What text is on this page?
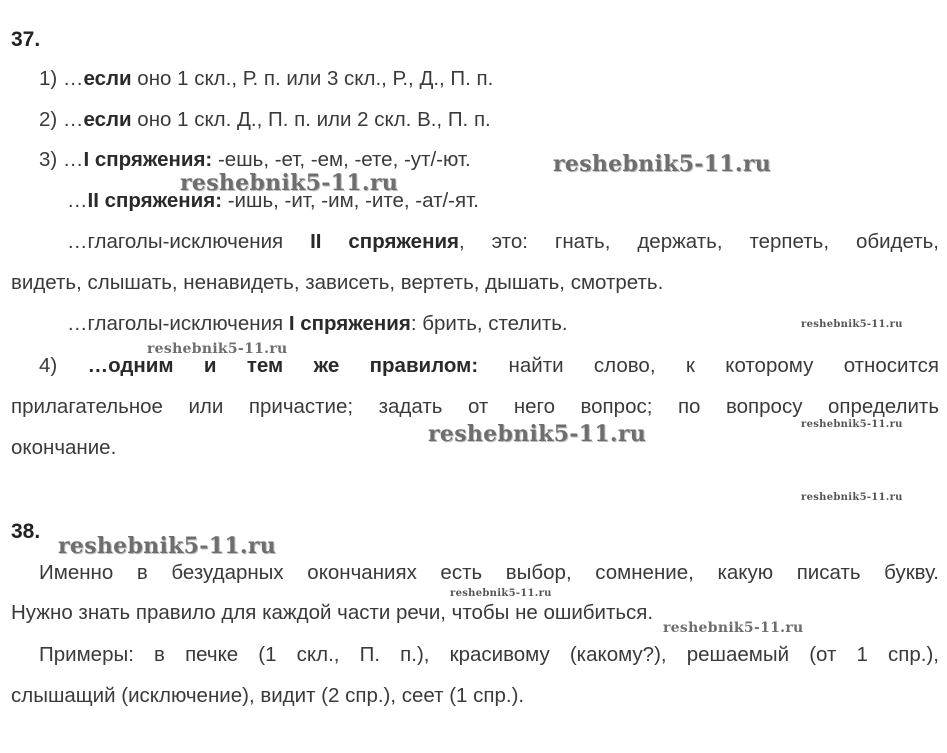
37.
1) …если оно 1 скл., Р. п. или 3 скл., Р., Д., П. п.
2) …если оно 1 скл. Д., П. п. или 2 скл. В., П. п.
3) …I спряжения: -ешь, -ет, -ем, -ете, -ут/-ют.
…II спряжения: -ишь, -ит, -им, -ите, -ат/-ят.
…глаголы-исключения II спряжения, это: гнать, держать, терпеть, обидеть,
видеть, слышать, ненавидеть, зависеть, вертеть, дышать, смотреть.
…глаголы-исключения I спряжения: брить, стелить.
4) …одним и тем же правилом: найти слово, к которому относится
прилагательное или причастие; задать от него вопрос; по вопросу определить
окончание.
38.
Именно в безударных окончаниях есть выбор, сомнение, какую писать букву.
Нужно знать правило для каждой части речи, чтобы не ошибиться.
Примеры: в печке (1 скл., П. п.), красивому (какому?), решаемый (от 1 спр.),
слышащий (исключение), видит (2 спр.), сеет (1 спр.).
reshebnik5-11.ru
reshebnik5-11.ru
reshebnik5-11.ru
reshebnik5-11.ru
reshebnik5-11.ru
reshebnik5-11.ru
reshebnik5-11.ru
reshebnik5-11.ru
reshebnik5-11.ru
reshebnik5-11.ru
